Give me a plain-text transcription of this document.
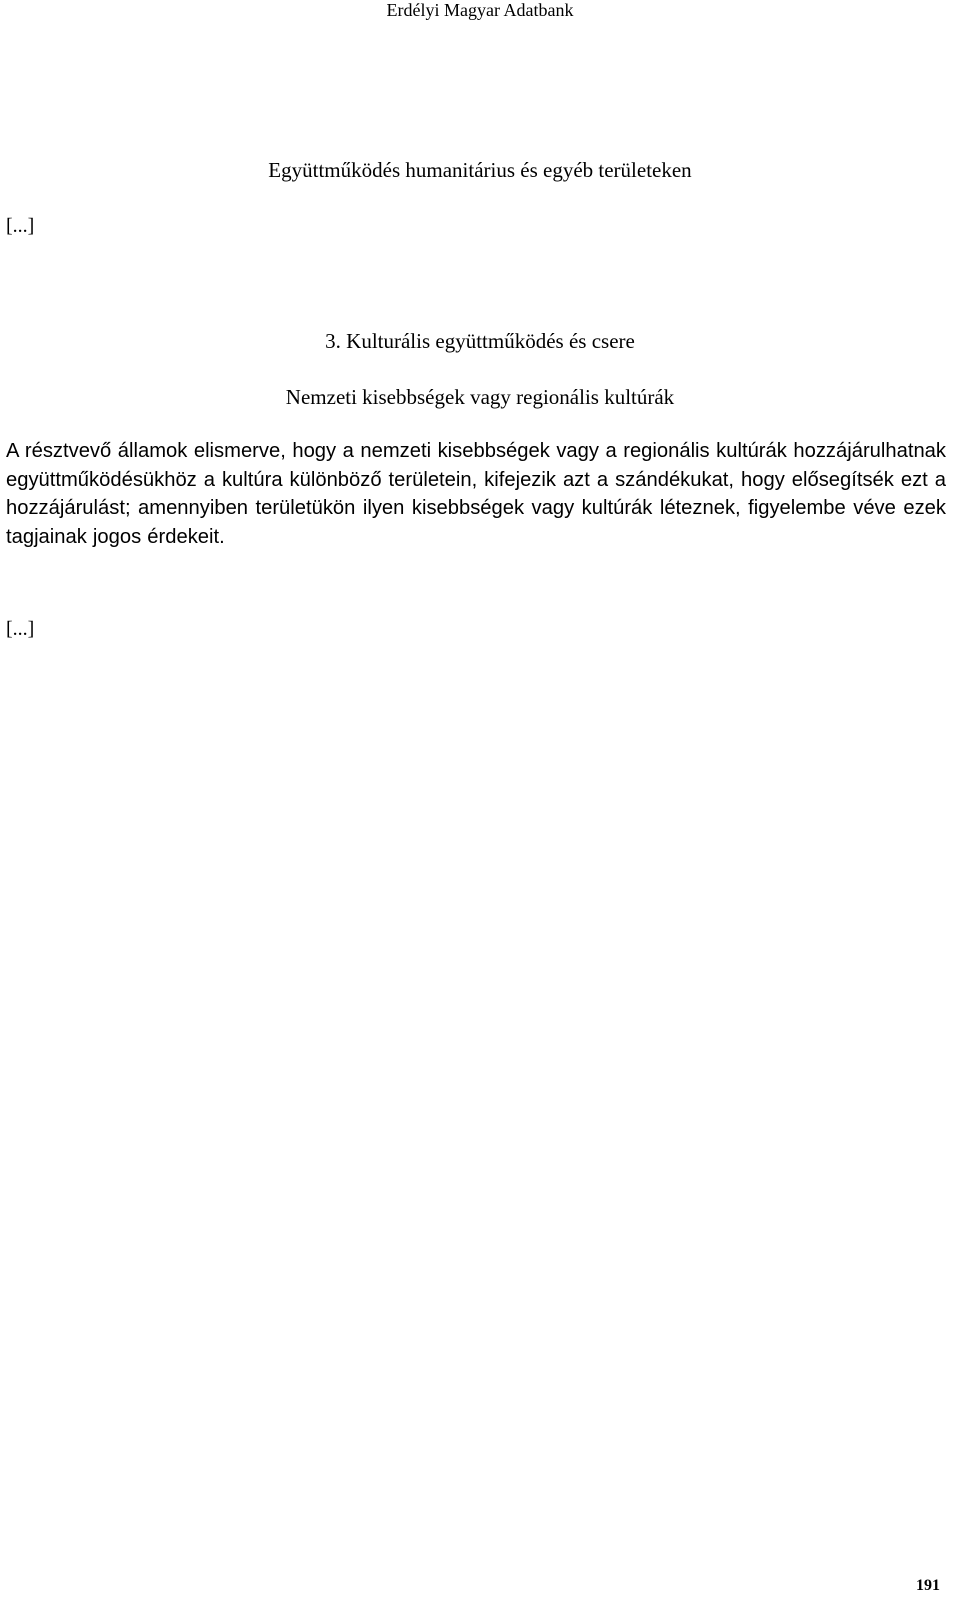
Erdélyi Magyar Adatbank
Együttműködés humanitárius és egyéb területeken
[...]
3. Kulturális együttműködés és csere
Nemzeti kisebbségek vagy regionális kultúrák

A résztvevő államok elismerve, hogy a nemzeti kisebbségek vagy a regionális kultúrák hozzájárulhatnak együttműködésükhöz a kultúra különböző területein, kifejezik azt a szándékukat, hogy elősegítsék ezt a hozzájárulást; amennyiben területükön ilyen kisebbségek vagy kultúrák léteznek, figyelembe véve ezek tagjainak jogos érdekeit.

[...]
191
